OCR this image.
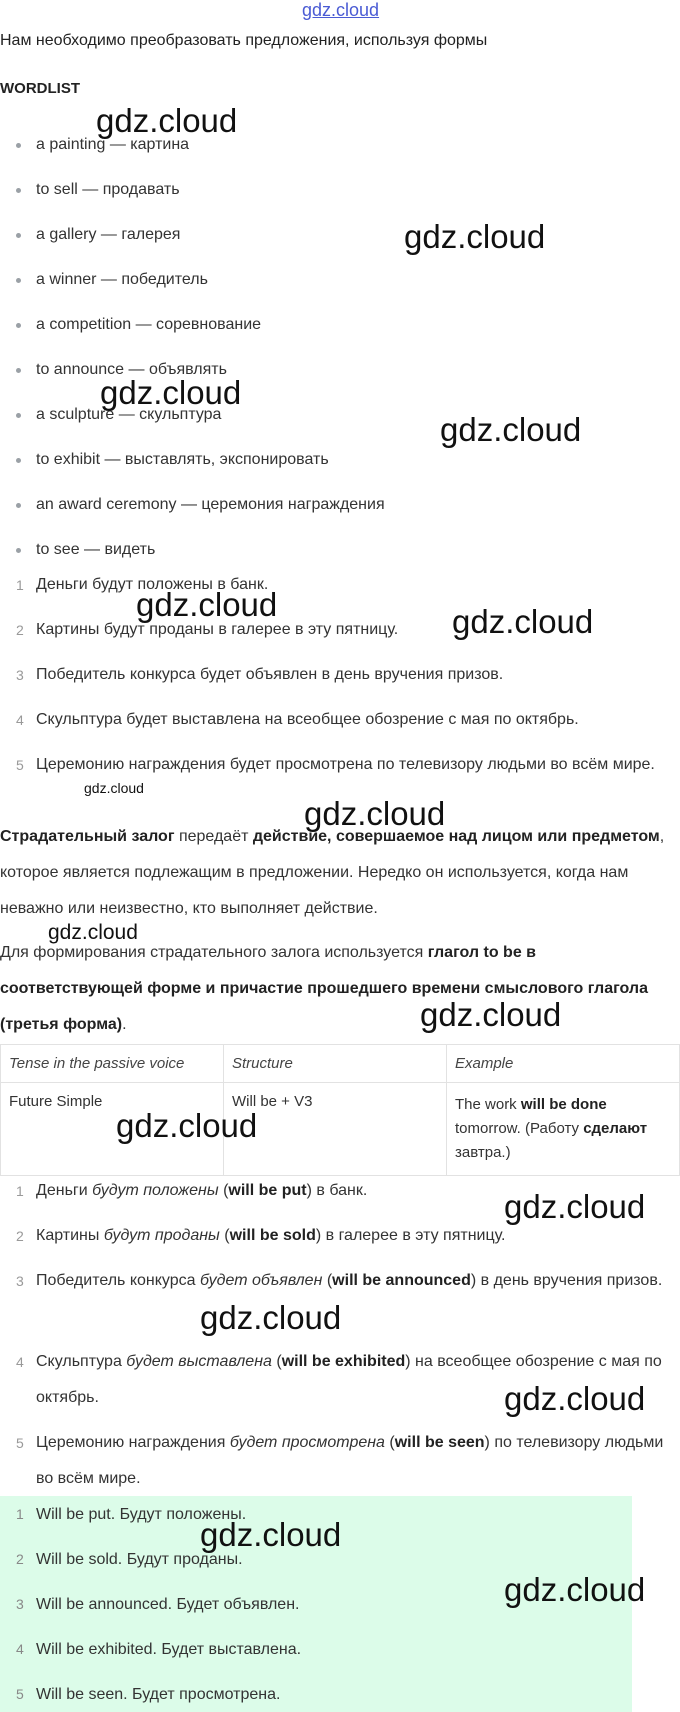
gdz.cloud
Нам необходимо преобразовать предложения, используя формы
WORDLIST
a painting — картина
to sell — продавать
a gallery — галерея
a winner — победитель
a competition — соревнование
to announce — объявлять
a sculpture — скульптура
to exhibit — выставлять, экспонировать
an award ceremony — церемония награждения
to see — видеть
1 Деньги будут положены в банк.
2 Картины будут проданы в галерее в эту пятницу.
3 Победитель конкурса будет объявлен в день вручения призов.
4 Скульптура будет выставлена на всеобщее обозрение с мая по октябрь.
5 Церемонию награждения будет просмотрена по телевизору людьми во всём мире.
Страдательный залог передаёт действие, совершаемое над лицом или предметом, которое является подлежащим в предложении. Нередко он используется, когда нам неважно или неизвестно, кто выполняет действие.
Для формирования страдательного залога используется глагол to be в соответствующей форме и причастие прошедшего времени смыслового глагола (третья форма).
Tense in the passive voice	Structure	Example
Future Simple	Will be + V3	The work will be done tomorrow. (Работу сделают завтра.)
1 Деньги будут положены (will be put) в банк.
2 Картины будут проданы (will be sold) в галерее в эту пятницу.
3 Победитель конкурса будет объявлен (will be announced) в день вручения призов.
4 Скульптура будет выставлена (will be exhibited) на всеобщее обозрение с мая по октябрь.
5 Церемонию награждения будет просмотрена (will be seen) по телевизору людьми во всём мире.
1 Will be put. Будут положены.
2 Will be sold. Будут проданы.
3 Will be announced. Будет объявлен.
4 Will be exhibited. Будет выставлена.
5 Will be seen. Будет просмотрена.
gdz.cloud
gdz.cloud
gdz.cloud
gdz.cloud
gdz.cloud	gdz.cloud
gdz.cloud
gdz.cloud
gdz.cloud
gdz.cloud
gdz.cloud
gdz.cloud
gdz.cloud
gdz.cloud
gdz.cloud
gdz.cloud
